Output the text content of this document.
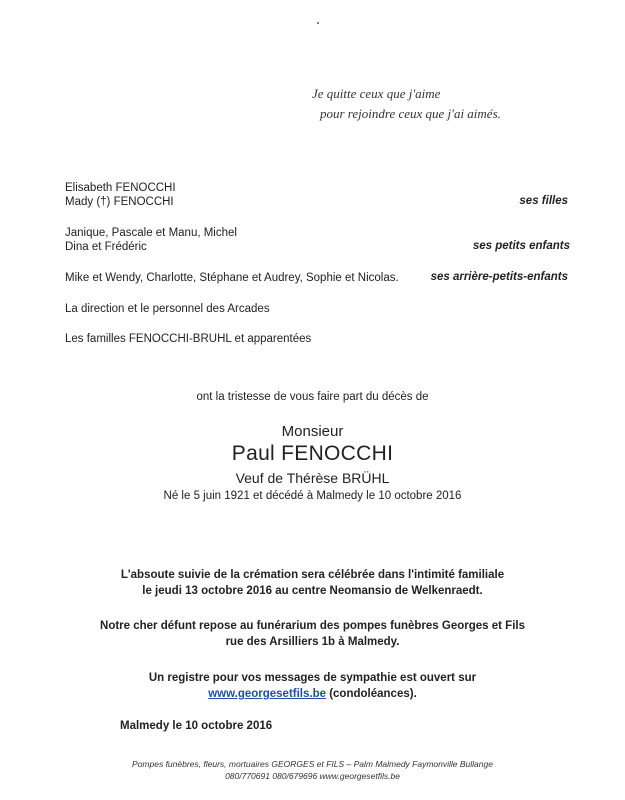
Je quitte ceux que j'aime
pour rejoindre ceux que j'ai aimés.
Elisabeth FENOCCHI
Mady (†) FENOCCHI	ses filles
Janique, Pascale et Manu, Michel
Dina et Frédéric	ses petits enfants
Mike et Wendy, Charlotte, Stéphane et Audrey, Sophie et Nicolas.	ses arrière-petits-enfants
La direction et le personnel des Arcades
Les familles FENOCCHI-BRUHL et apparentées
ont la tristesse de vous faire part du décès de
Monsieur
Paul FENOCCHI
Veuf de Thérèse BRÜHL
Né le 5 juin 1921 et décédé à Malmedy le 10 octobre 2016
L'absoute suivie de la crémation sera célébrée dans l'intimité familiale
le jeudi 13 octobre 2016 au centre Neomansio de Welkenraedt.
Notre cher défunt repose au funérarium des pompes funèbres Georges et Fils
rue des Arsilliers 1b à Malmedy.
Un registre pour vos messages de sympathie est ouvert sur
www.georgesetfils.be (condoléances).
Malmedy le 10 octobre 2016
Pompes funèbres, fleurs, mortuaires GEORGES et FILS – Palm Malmedy Faymonville Bullange
080/770691 080/679696 www.georgesetfils.be
